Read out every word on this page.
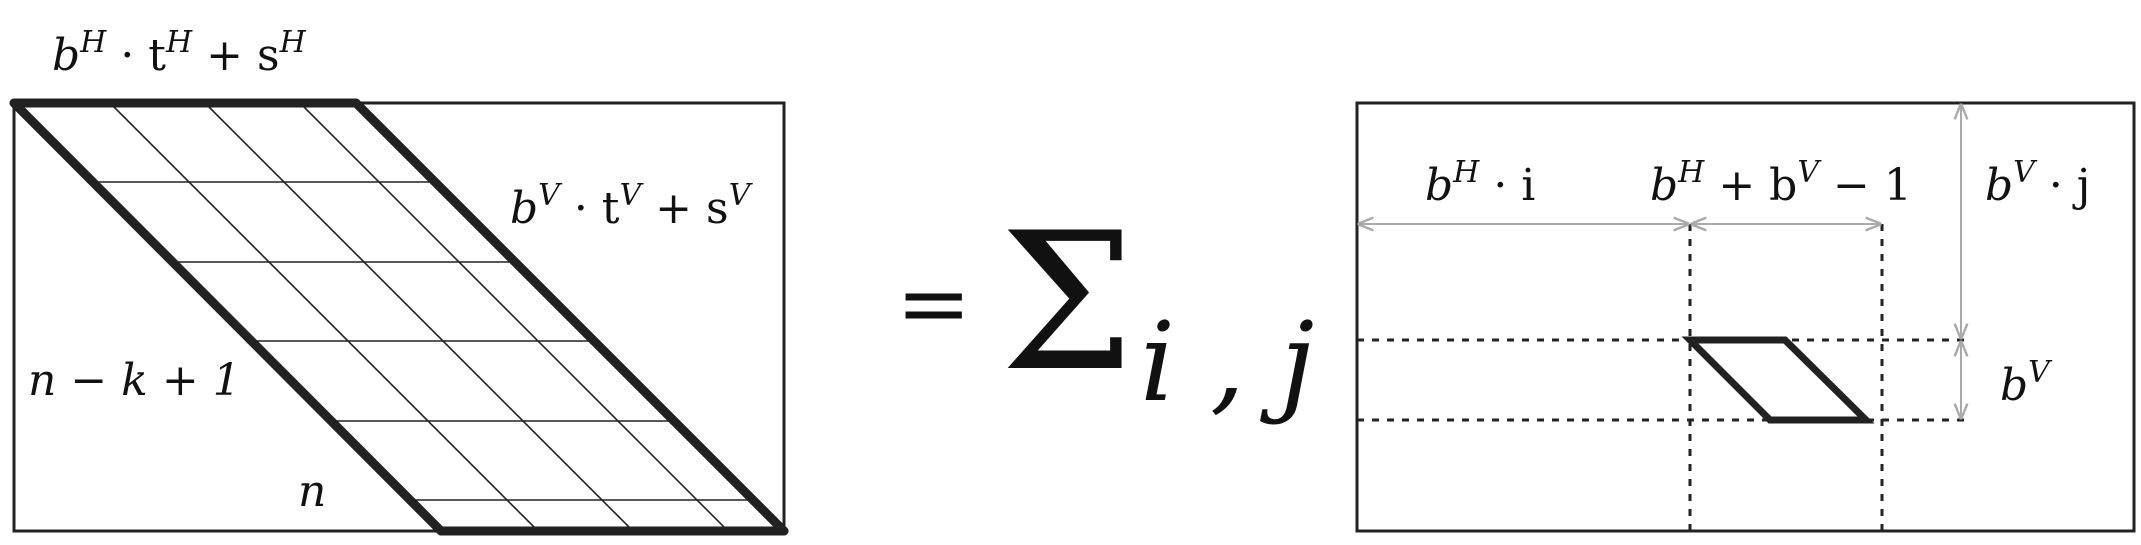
$b^H \cdot t^H + s^H$
$b^V \cdot t^V + s^V$
n − k + 1
n
= Σ i , j
$b^H \cdot i$	$b^H + b^V - 1$ $b^V \cdot j$
$b^V$
